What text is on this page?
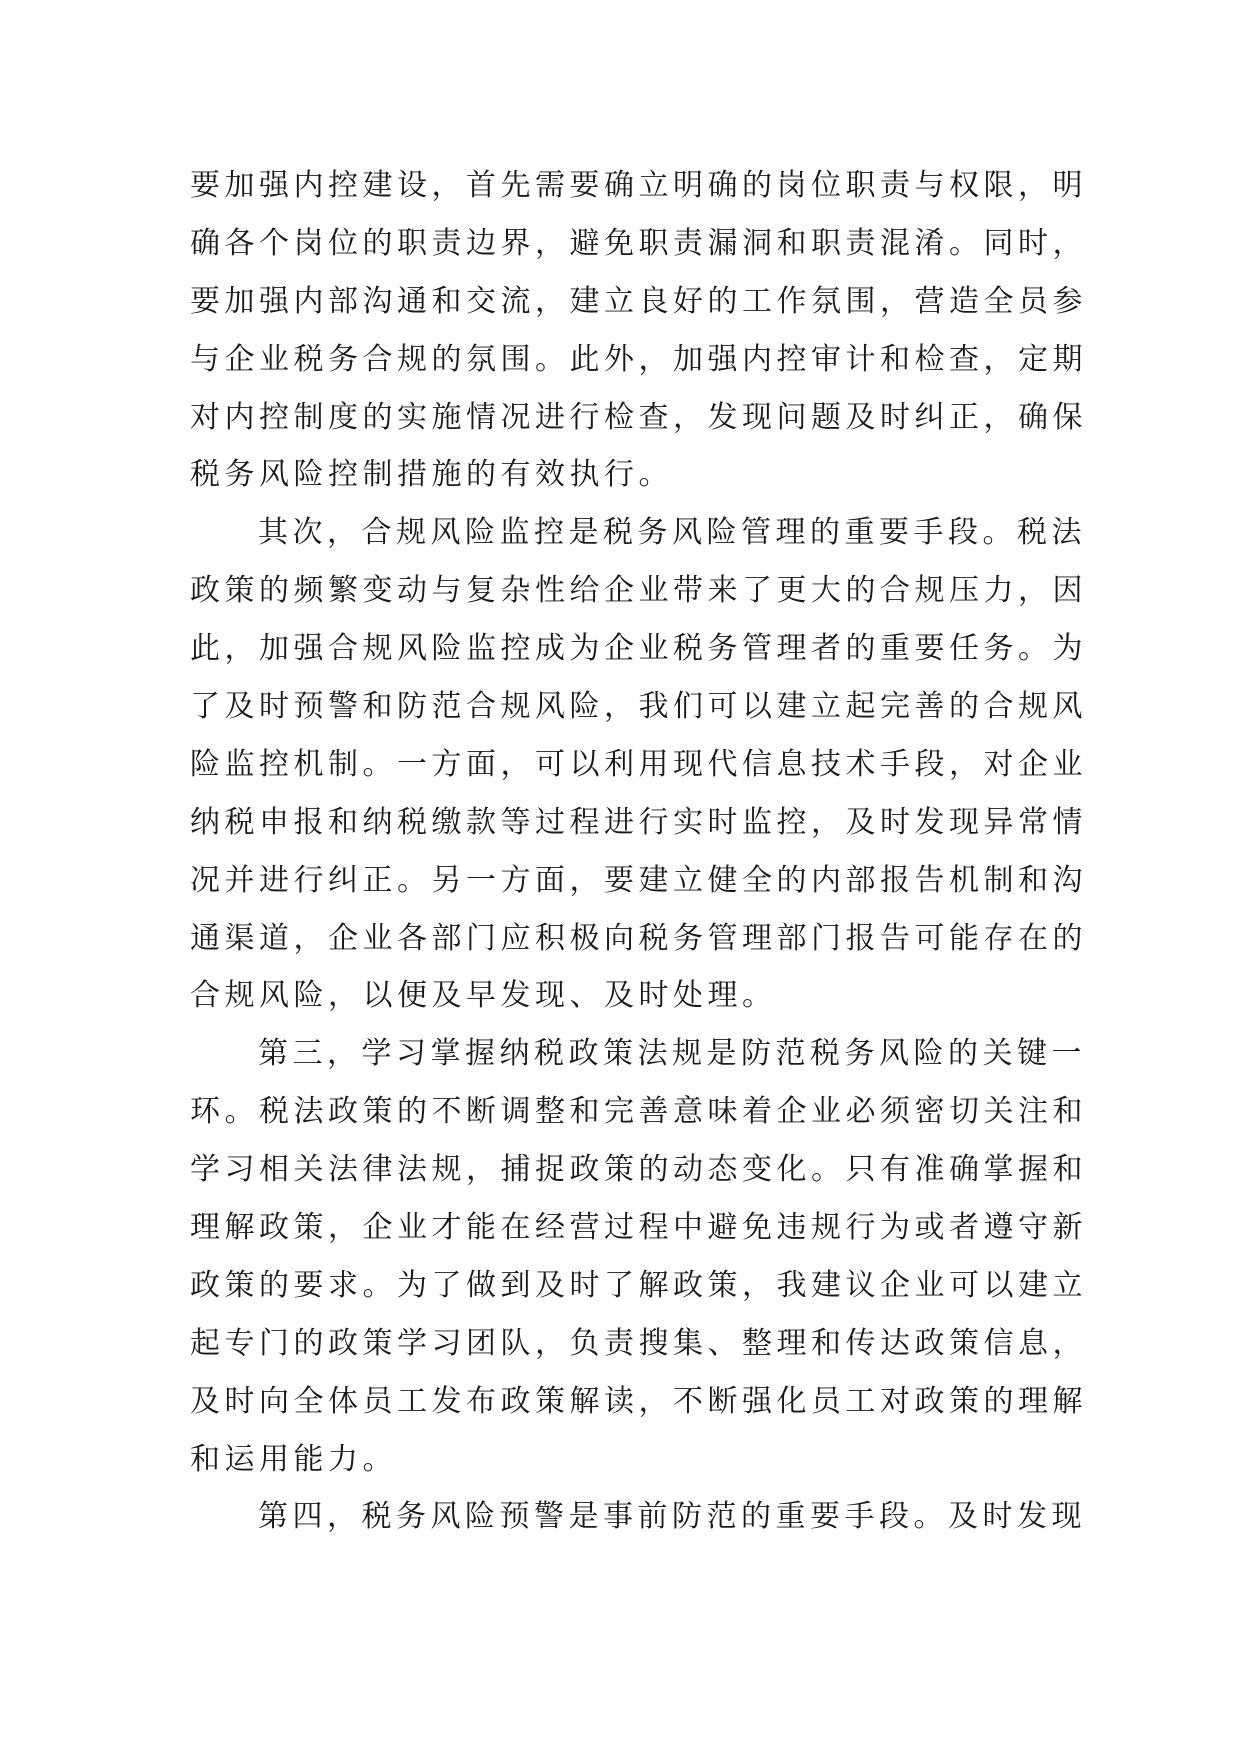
要加强内控建设，首先需要确立明确的岗位职责与权限，明
确各个岗位的职责边界，避免职责漏洞和职责混淆。同时，
要加强内部沟通和交流，建立良好的工作氛围，营造全员参
与企业税务合规的氛围。此外，加强内控审计和检查，定期
对内控制度的实施情况进行检查，发现问题及时纠正，确保
税务风险控制措施的有效执行。
其次，合规风险监控是税务风险管理的重要手段。税法
政策的频繁变动与复杂性给企业带来了更大的合规压力，因
此，加强合规风险监控成为企业税务管理者的重要任务。为
了及时预警和防范合规风险，我们可以建立起完善的合规风
险监控机制。一方面，可以利用现代信息技术手段，对企业
纳税申报和纳税缴款等过程进行实时监控，及时发现异常情
况并进行纠正。另一方面，要建立健全的内部报告机制和沟
通渠道，企业各部门应积极向税务管理部门报告可能存在的
合规风险，以便及早发现、及时处理。
第三，学习掌握纳税政策法规是防范税务风险的关键一
环。税法政策的不断调整和完善意味着企业必须密切关注和
学习相关法律法规，捕捉政策的动态变化。只有准确掌握和
理解政策，企业才能在经营过程中避免违规行为或者遵守新
政策的要求。为了做到及时了解政策，我建议企业可以建立
起专门的政策学习团队，负责搜集、整理和传达政策信息，
及时向全体员工发布政策解读，不断强化员工对政策的理解
和运用能力。
第四，税务风险预警是事前防范的重要手段。及时发现
